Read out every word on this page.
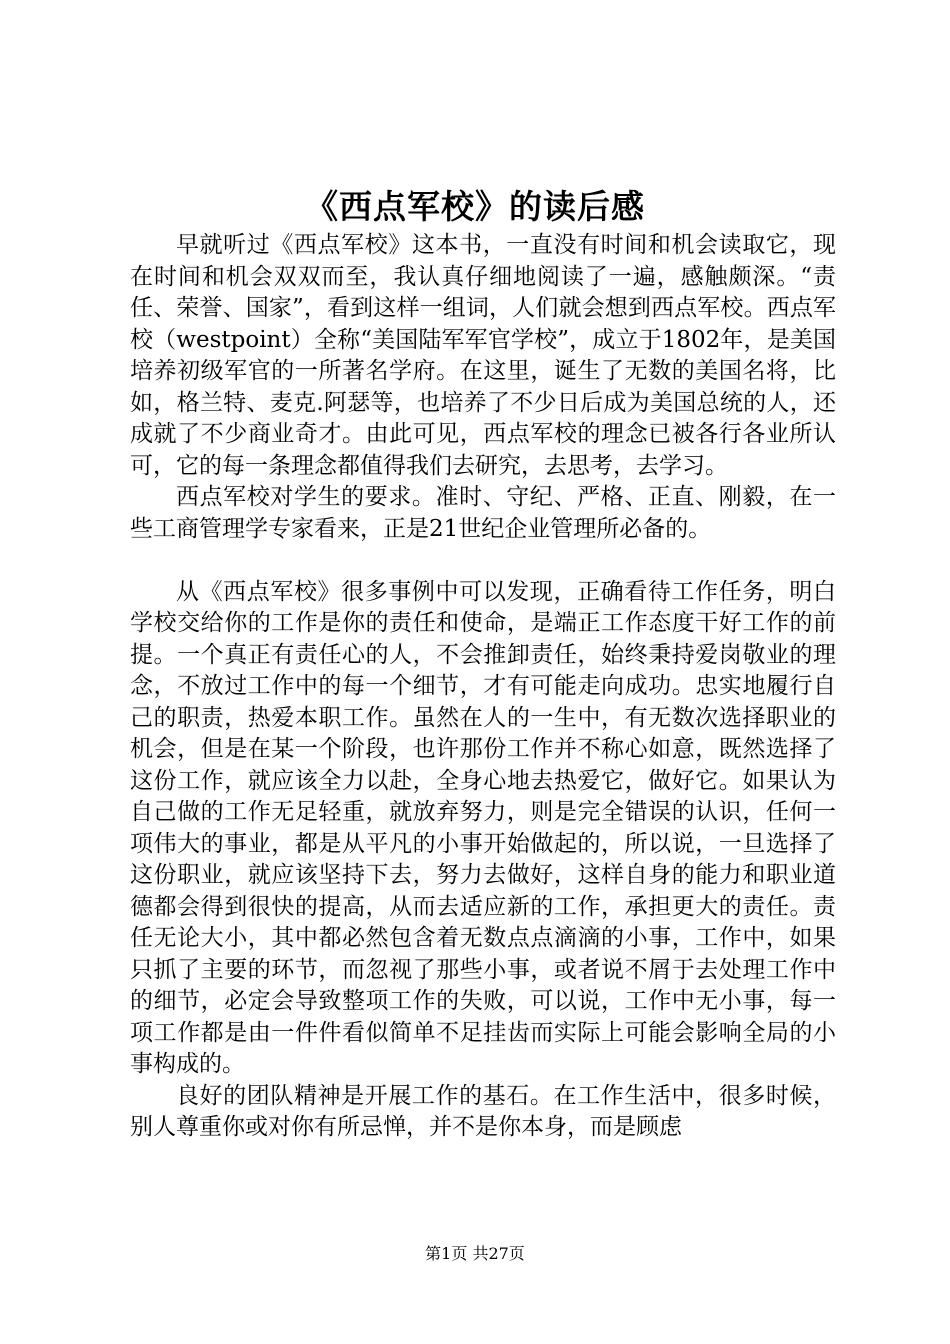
《西点军校》的读后感

早就听过《西点军校》这本书，一直没有时间和机会读取它，现在时间和机会双双而至，我认真仔细地阅读了一遍，感触颇深。“责任、荣誉、国家”，看到这样一组词，人们就会想到西点军校。西点军校（westpoint）全称“美国陆军军官学校”，成立于1802年，是美国培养初级军官的一所著名学府。在这里，诞生了无数的美国名将，比如，格兰特、麦克.阿瑟等，也培养了不少日后成为美国总统的人，还成就了不少商业奇才。由此可见，西点军校的理念已被各行各业所认可，它的每一条理念都值得我们去研究，去思考，去学习。

西点军校对学生的要求。准时、守纪、严格、正直、刚毅，在一些工商管理学专家看来，正是21世纪企业管理所必备的。

从《西点军校》很多事例中可以发现，正确看待工作任务，明白学校交给你的工作是你的责任和使命，是端正工作态度干好工作的前提。一个真正有责任心的人，不会推卸责任，始终秉持爱岗敬业的理念，不放过工作中的每一个细节，才有可能走向成功。忠实地履行自己的职责，热爱本职工作。虽然在人的一生中，有无数次选择职业的机会，但是在某一个阶段，也许那份工作并不称心如意，既然选择了这份工作，就应该全力以赴，全身心地去热爱它，做好它。如果认为自己做的工作无足轻重，就放弃努力，则是完全错误的认识，任何一项伟大的事业，都是从平凡的小事开始做起的，所以说，一旦选择了这份职业，就应该坚持下去，努力去做好，这样自身的能力和职业道德都会得到很快的提高，从而去适应新的工作，承担更大的责任。责任无论大小，其中都必然包含着无数点点滴滴的小事，工作中，如果只抓了主要的环节，而忽视了那些小事，或者说不屑于去处理工作中的细节，必定会导致整项工作的失败，可以说，工作中无小事，每一项工作都是由一件件看似简单不足挂齿而实际上可能会影响全局的小事构成的。

良好的团队精神是开展工作的基石。在工作生活中，很多时候，别人尊重你或对你有所忌惮，并不是你本身，而是顾虑

第1页 共27页
